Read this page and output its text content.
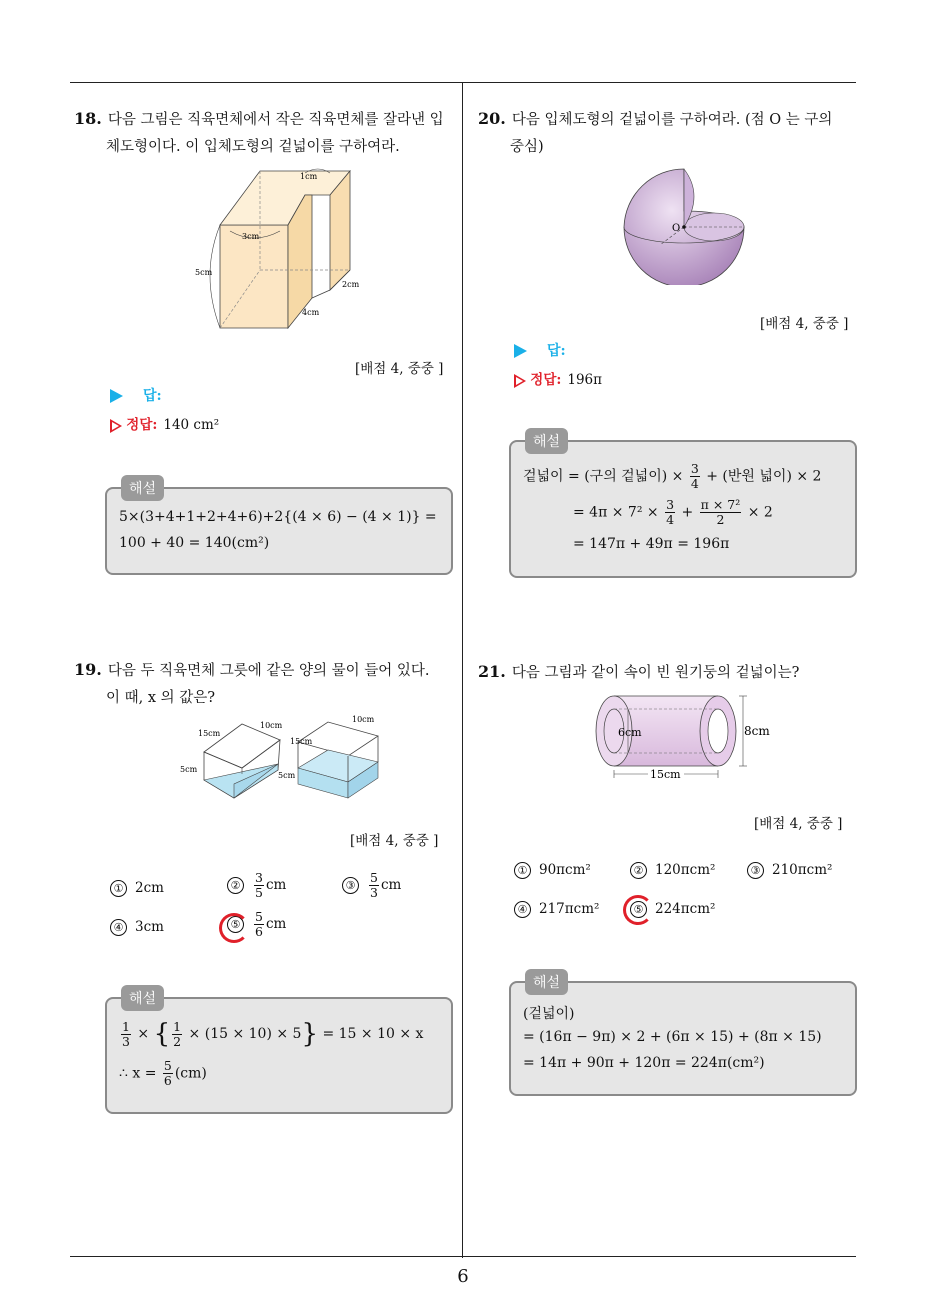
18. 다음 그림은 직육면체에서 작은 직육면체를 잘라낸 입
체도형이다. 이 입체도형의 겉넓이를 구하여라.
1cm
3cm
5cm
2cm
4cm
[배점 4, 중중 ]
답:
정답: 140 cm²
해설
5×(3+4+1+2+4+6)+2{(4 × 6) − (4 × 1)} =
100 + 40 = 140(cm²)
19. 다음 두 직육면체 그릇에 같은 양의 물이 들어 있다.
이 때, x 의 값은?
15cm
10cm
5cm
10cm
15cm
5cm
[배점 4, 중중 ]
① 2cm	② $\frac{3}{5}$ cm	③ $\frac{5}{3}$ cm
④ 3cm	⑤ $\frac{5}{6}$ cm
해설
$\frac{1}{3}$ × { $\frac{1}{2} \times (15 \times 10) \times 5\} = 15 \times 10 \times x$
∴ $x = \frac{5}{6} (cm)$
20. 다음 입체도형의 겉넓이를 구하여라. (점 O 는 구의
중심)
O
[배점 4, 중중 ]
답:
정답: 196π
해설
겉넓이 = (구의 겉넓이) × $\frac{3}{4}$ + (반원 넓이) × 2
= $4\pi \times 7^2 \times \frac{3}{4} + \frac{\text{π × 7²}}{2} \times 2$
= 147π + 49π = 196π
21. 다음 그림과 같이 속이 빈 원기둥의 겉넓이는?
6cm	8cm
15cm
[배점 4, 중중 ]
① 90πcm²	② 120πcm²	③ 210πcm²
④ 217πcm²	⑤ 224πcm²
해설
(겉넓이)
= (16π − 9π) × 2 + (6π × 15) + (8π × 15)
= 14π + 90π + 120π = 224π(cm²)
6
